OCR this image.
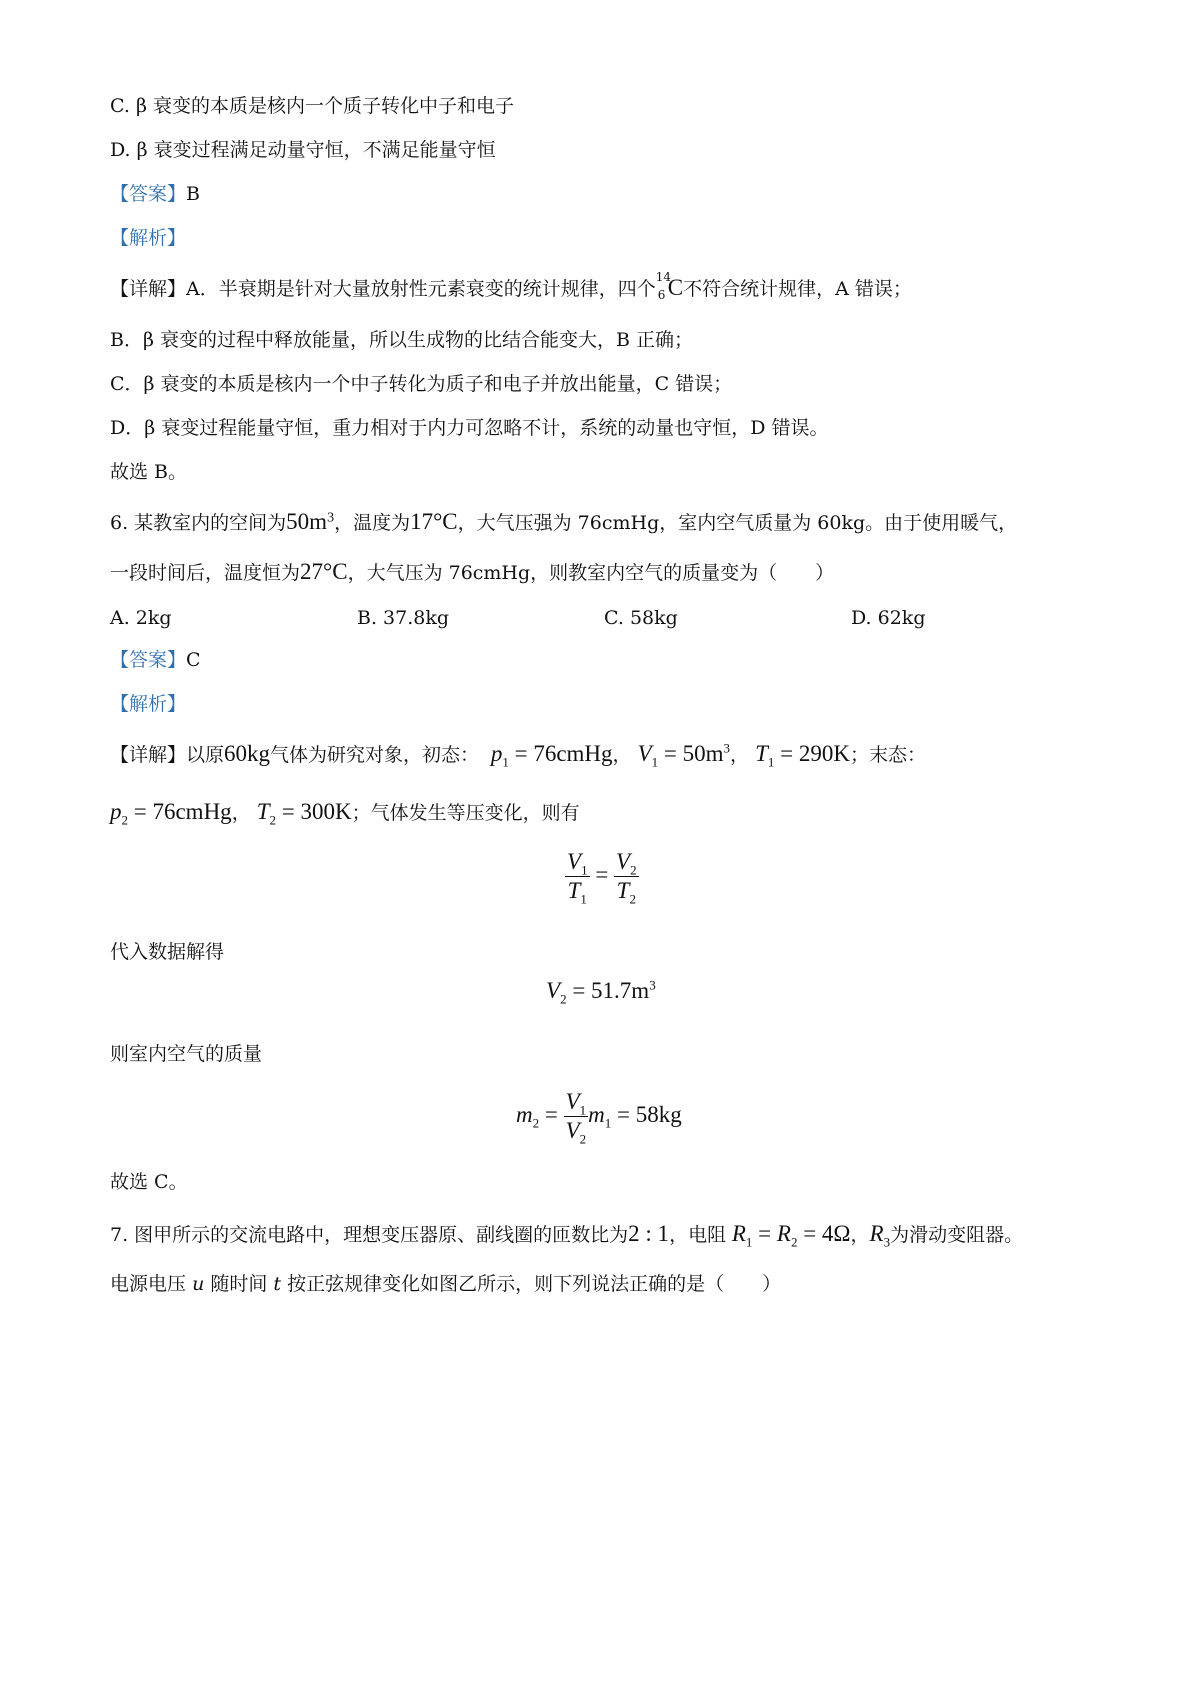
C. β 衰变的本质是核内一个质子转化中子和电子
D. β 衰变过程满足动量守恒，不满足能量守恒
【答案】B
【解析】
【详解】A．半衰期是针对大量放射性元素衰变的统计规律，四个
14
6 C不符合统计规律，A 错误；
B．β 衰变的过程中释放能量，所以生成物的比结合能变大，B 正确；
C．β 衰变的本质是核内一个中子转化为质子和电子并放出能量，C 错误；
D．β 衰变过程能量守恒，重力相对于内力可忽略不计，系统的动量也守恒，D 错误。
故选 B。
6. 某教室内的空间为$50m^3$，温度为17°C，大气压强为 76cmHg，室内空气质量为 60kg。由于使用暖气，
一段时间后，温度恒为27°C，大气压为 76cmHg，则教室内空气的质量变为（　　）
A. 2kg	B. 37.8kg	C. 58kg	D. 62kg
【答案】C
【解析】
【详解】以原60kg气体为研究对象，初态： $p_1$ = 76cmHg， $V_1 = 50m^3$， $T_1 = 290K$；末态：
$p_2$ = 76cmHg， $T_2 = 300K$；气体发生等压变化，则有
$\frac{V_1}{T_1} = \frac{V_2}{T_2}$
代入数据解得
$V_2 = 51.7m^3$
则室内空气的质量
$m_2 = \frac{V_1}{V_2} m_1 = 58kg$
故选 C。
7. 图甲所示的交流电路中，理想变压器原、副线圈的匝数比为2 : 1，电阻 $R_1 = R_2 = 4\Omega$，$R_3$为滑动变阻器。
电源电压 u 随时间 t 按正弦规律变化如图乙所示，则下列说法正确的是（　　）
